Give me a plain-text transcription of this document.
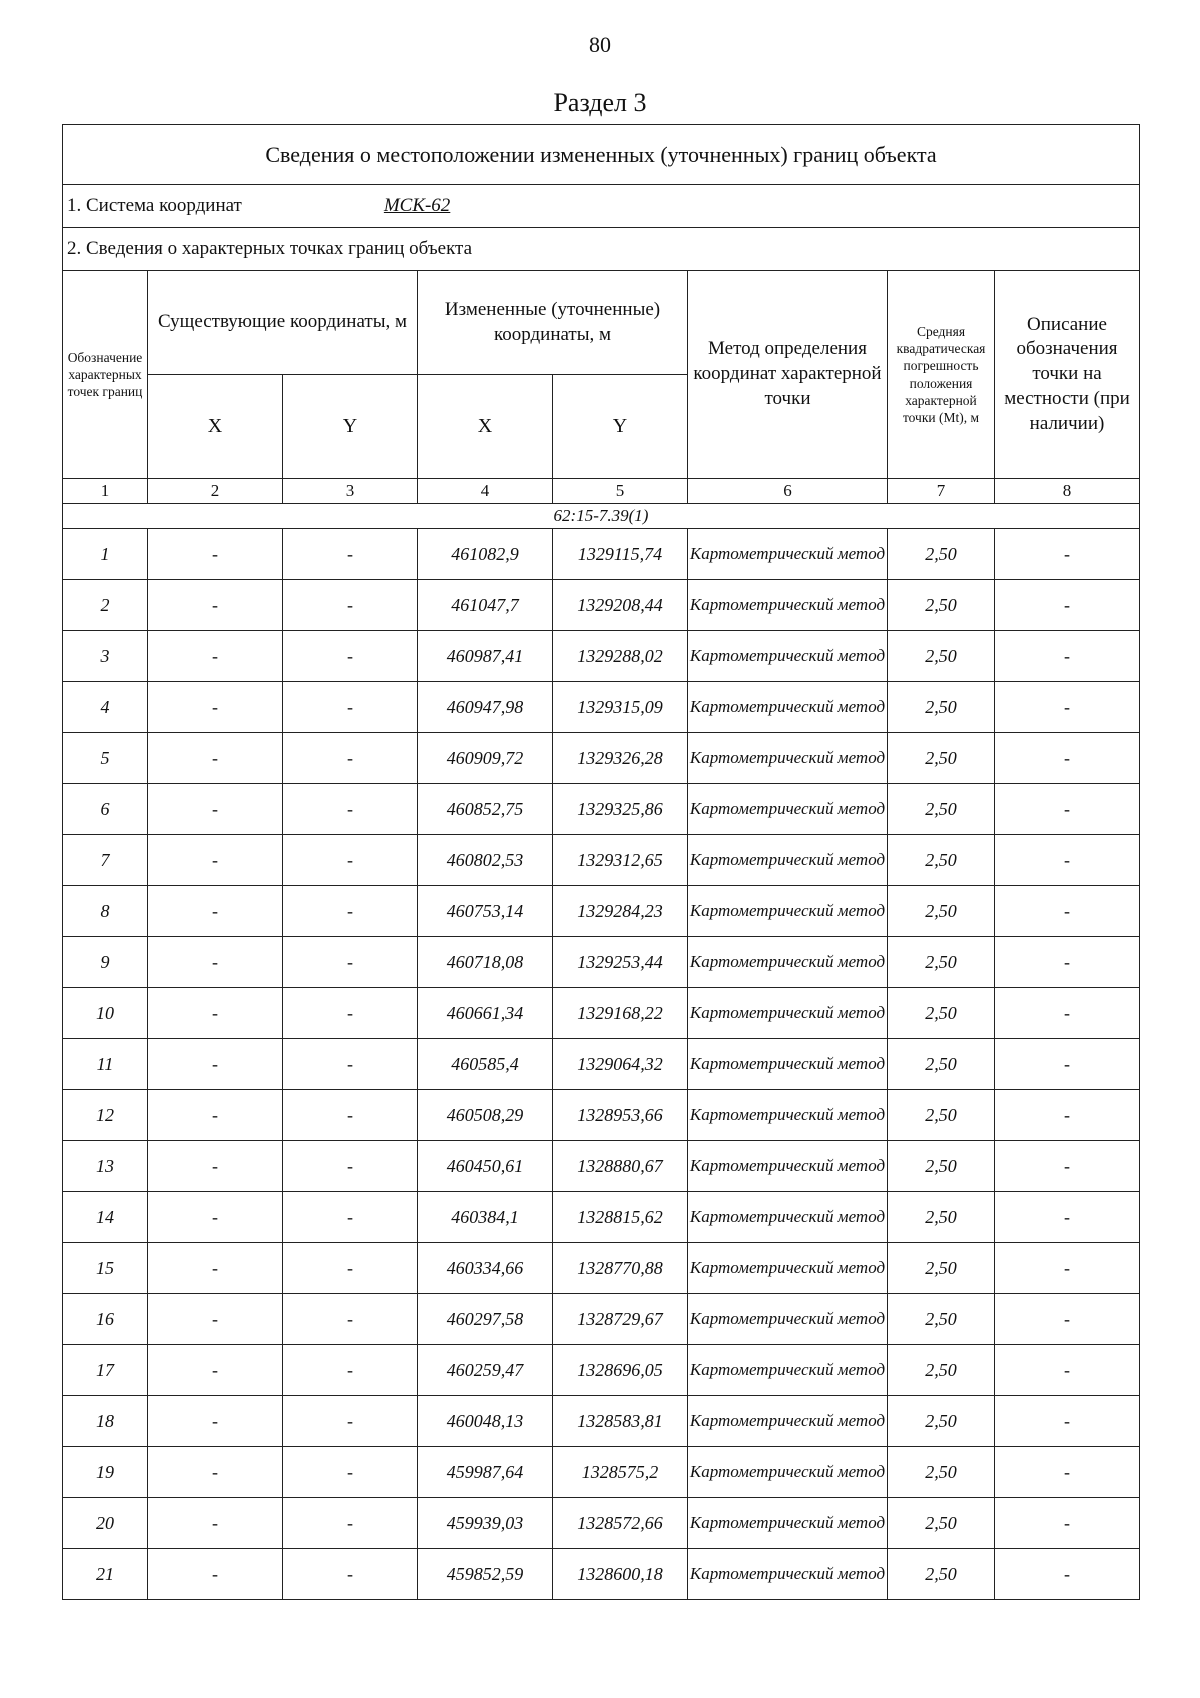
80
Раздел 3
Сведения о местоположении измененных (уточненных) границ объекта							
1. Система координат МСК-62							
2. Сведения о характерных точках границ объекта							
Обозначение характерных точек границ	Существующие координаты, м		Измененные (уточненные) координаты, м		Метод определения координат характерной точки	Средняя квадратическая погрешность положения характерной точки (Mt), м	Описание обозначения точки на местности (при наличии)
	X	Y	X	Y			
1	2	3	4	5	6	7	8
62:15-7.39(1)							
1	-	-	461082,9	1329115,74	Картометрический метод	2,50	-
2	-	-	461047,7	1329208,44	Картометрический метод	2,50	-
3	-	-	460987,41	1329288,02	Картометрический метод	2,50	-
4	-	-	460947,98	1329315,09	Картометрический метод	2,50	-
5	-	-	460909,72	1329326,28	Картометрический метод	2,50	-
6	-	-	460852,75	1329325,86	Картометрический метод	2,50	-
7	-	-	460802,53	1329312,65	Картометрический метод	2,50	-
8	-	-	460753,14	1329284,23	Картометрический метод	2,50	-
9	-	-	460718,08	1329253,44	Картометрический метод	2,50	-
10	-	-	460661,34	1329168,22	Картометрический метод	2,50	-
11	-	-	460585,4	1329064,32	Картометрический метод	2,50	-
12	-	-	460508,29	1328953,66	Картометрический метод	2,50	-
13	-	-	460450,61	1328880,67	Картометрический метод	2,50	-
14	-	-	460384,1	1328815,62	Картометрический метод	2,50	-
15	-	-	460334,66	1328770,88	Картометрический метод	2,50	-
16	-	-	460297,58	1328729,67	Картометрический метод	2,50	-
17	-	-	460259,47	1328696,05	Картометрический метод	2,50	-
18	-	-	460048,13	1328583,81	Картометрический метод	2,50	-
19	-	-	459987,64	1328575,2	Картометрический метод	2,50	-
20	-	-	459939,03	1328572,66	Картометрический метод	2,50	-
21	-	-	459852,59	1328600,18	Картометрический метод	2,50	-
